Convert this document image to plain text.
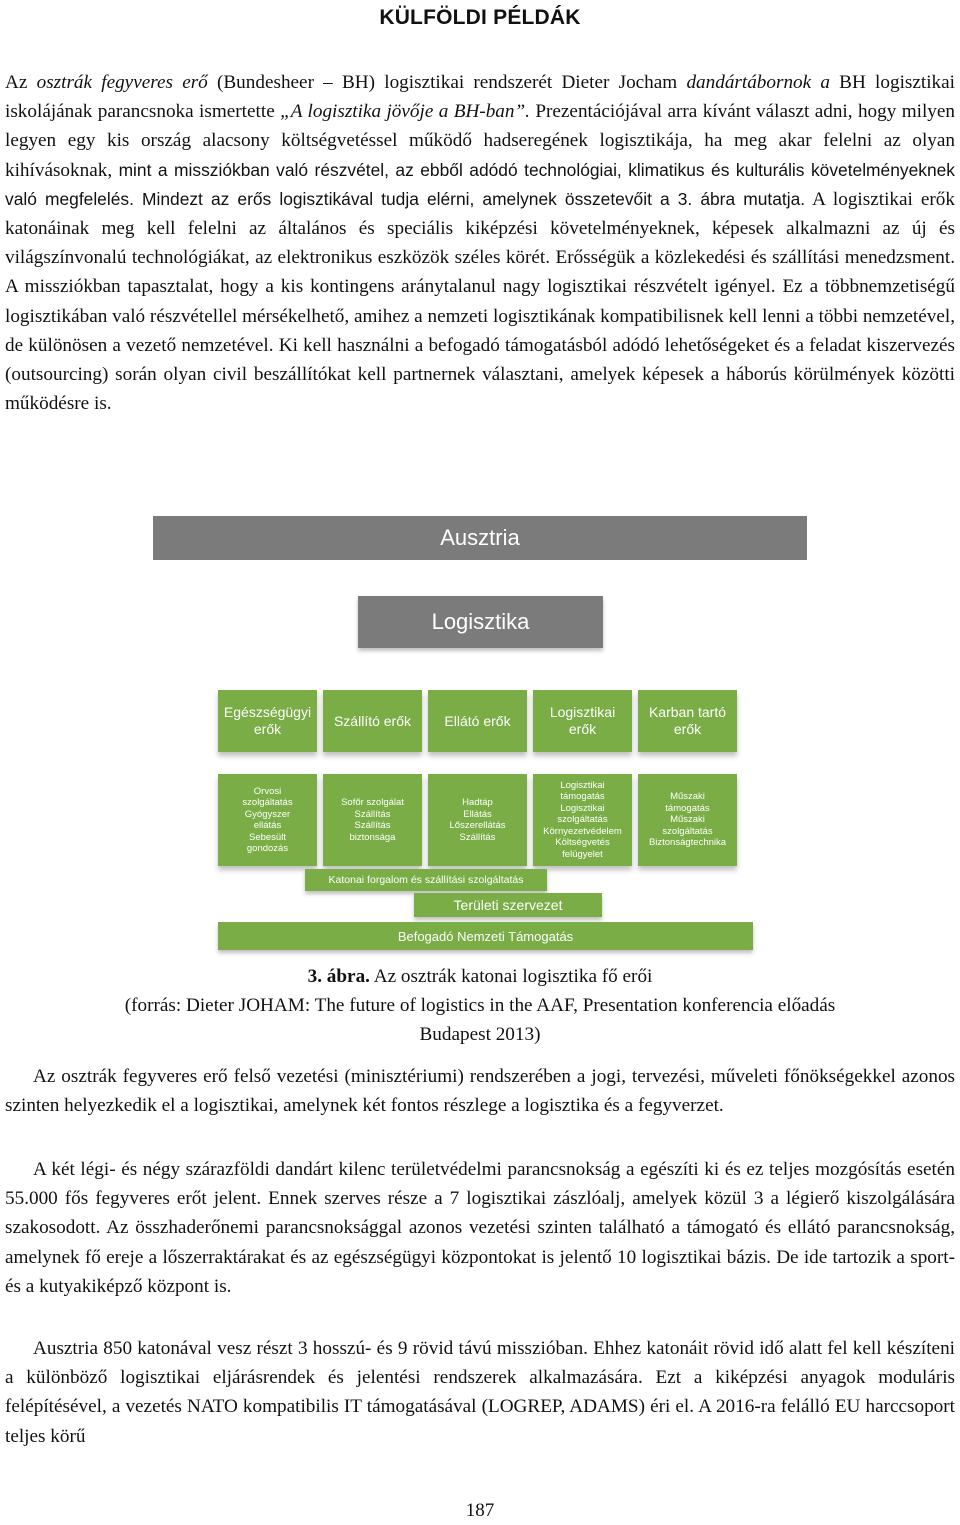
KÜLFÖLDI PÉLDÁK
Az osztrák fegyveres erő (Bundesheer – BH) logisztikai rendszerét Dieter Jocham dandártábornok a BH logisztikai iskolájának parancsnoka ismertette „A logisztika jövője a BH-ban”. Prezentációjával arra kívánt választ adni, hogy milyen legyen egy kis ország alacsony költségvetéssel működő hadseregének logisztikája, ha meg akar felelni az olyan kihívásoknak, mint a missziókban való részvétel, az ebből adódó technológiai, klimatikus és kulturális követelményeknek való megfelelés. Mindezt az erős logisztikával tudja elérni, amelynek összetevőit a 3. ábra mutatja. A logisztikai erők katonáinak meg kell felelni az általános és speciális kiképzési követelményeknek, képesek alkalmazni az új és világszínvonalú technológiákat, az elektronikus eszközök széles körét. Erősségük a közlekedési és szállítási menedzsment. A missziókban tapasztalat, hogy a kis kontingens aránytalanul nagy logisztikai részvételt igényel. Ez a többnemzetiségű logisztikában való részvétellel mérsékelhető, amihez a nemzeti logisztikának kompatibilisnek kell lenni a többi nemzetével, de különösen a vezető nemzetével. Ki kell használni a befogadó támogatásból adódó lehetőségeket és a feladat kiszervezés (outsourcing) során olyan civil beszállítókat kell partnernek választani, amelyek képesek a háborús körülmények közötti működésre is.
Ausztria
Logisztika
Egészségügyi
erők
Szállító erők	Ellátó erők
Logisztikai
erők
Karban tartó
erők
Orvosi
szolgáltatás
Gyógyszer
ellátás
Sebesült
gondozás
Sofőr szolgálat
Szállítás
Szállítás
biztonsága
Hadtáp
Ellátás
Lőszerellátás
Szállítás
Logisztikai
támogatás
Logisztikai
szolgáltatás
Környezetvédelem
Költségvetés
felügyelet
Műszaki
támogatás
Műszaki
szolgáltatás
Biztonságtechnika
Katonai forgalom és szállítási szolgáltatás
Területi szervezet
Befogadó Nemzeti Támogatás
3. ábra. Az osztrák katonai logisztika fő erői
(forrás: Dieter JOHAM: The future of logistics in the AAF, Presentation konferencia előadás
Budapest 2013)
Az osztrák fegyveres erő felső vezetési (minisztériumi) rendszerében a jogi, tervezési, műveleti főnökségekkel azonos szinten helyezkedik el a logisztikai, amelynek két fontos részlege a logisztika és a fegyverzet.
A két légi- és négy szárazföldi dandárt kilenc területvédelmi parancsnokság a egészíti ki és ez teljes mozgósítás esetén 55.000 fős fegyveres erőt jelent. Ennek szerves része a 7 logisztikai zászlóalj, amelyek közül 3 a légierő kiszolgálására szakosodott. Az összhaderőnemi parancsnoksággal azonos vezetési szinten található a támogató és ellátó parancsnokság, amelynek fő ereje a lőszerraktárakat és az egészségügyi központokat is jelentő 10 logisztikai bázis. De ide tartozik a sport- és a kutyakiképző központ is.
Ausztria 850 katonával vesz részt 3 hosszú- és 9 rövid távú misszióban. Ehhez katonáit rövid idő alatt fel kell készíteni a különböző logisztikai eljárásrendek és jelentési rendszerek alkalmazására. Ezt a kiképzési anyagok moduláris felépítésével, a vezetés NATO kompatibilis IT támogatásával (LOGREP, ADAMS) éri el. A 2016-ra felálló EU harccsoport teljes körű
187
